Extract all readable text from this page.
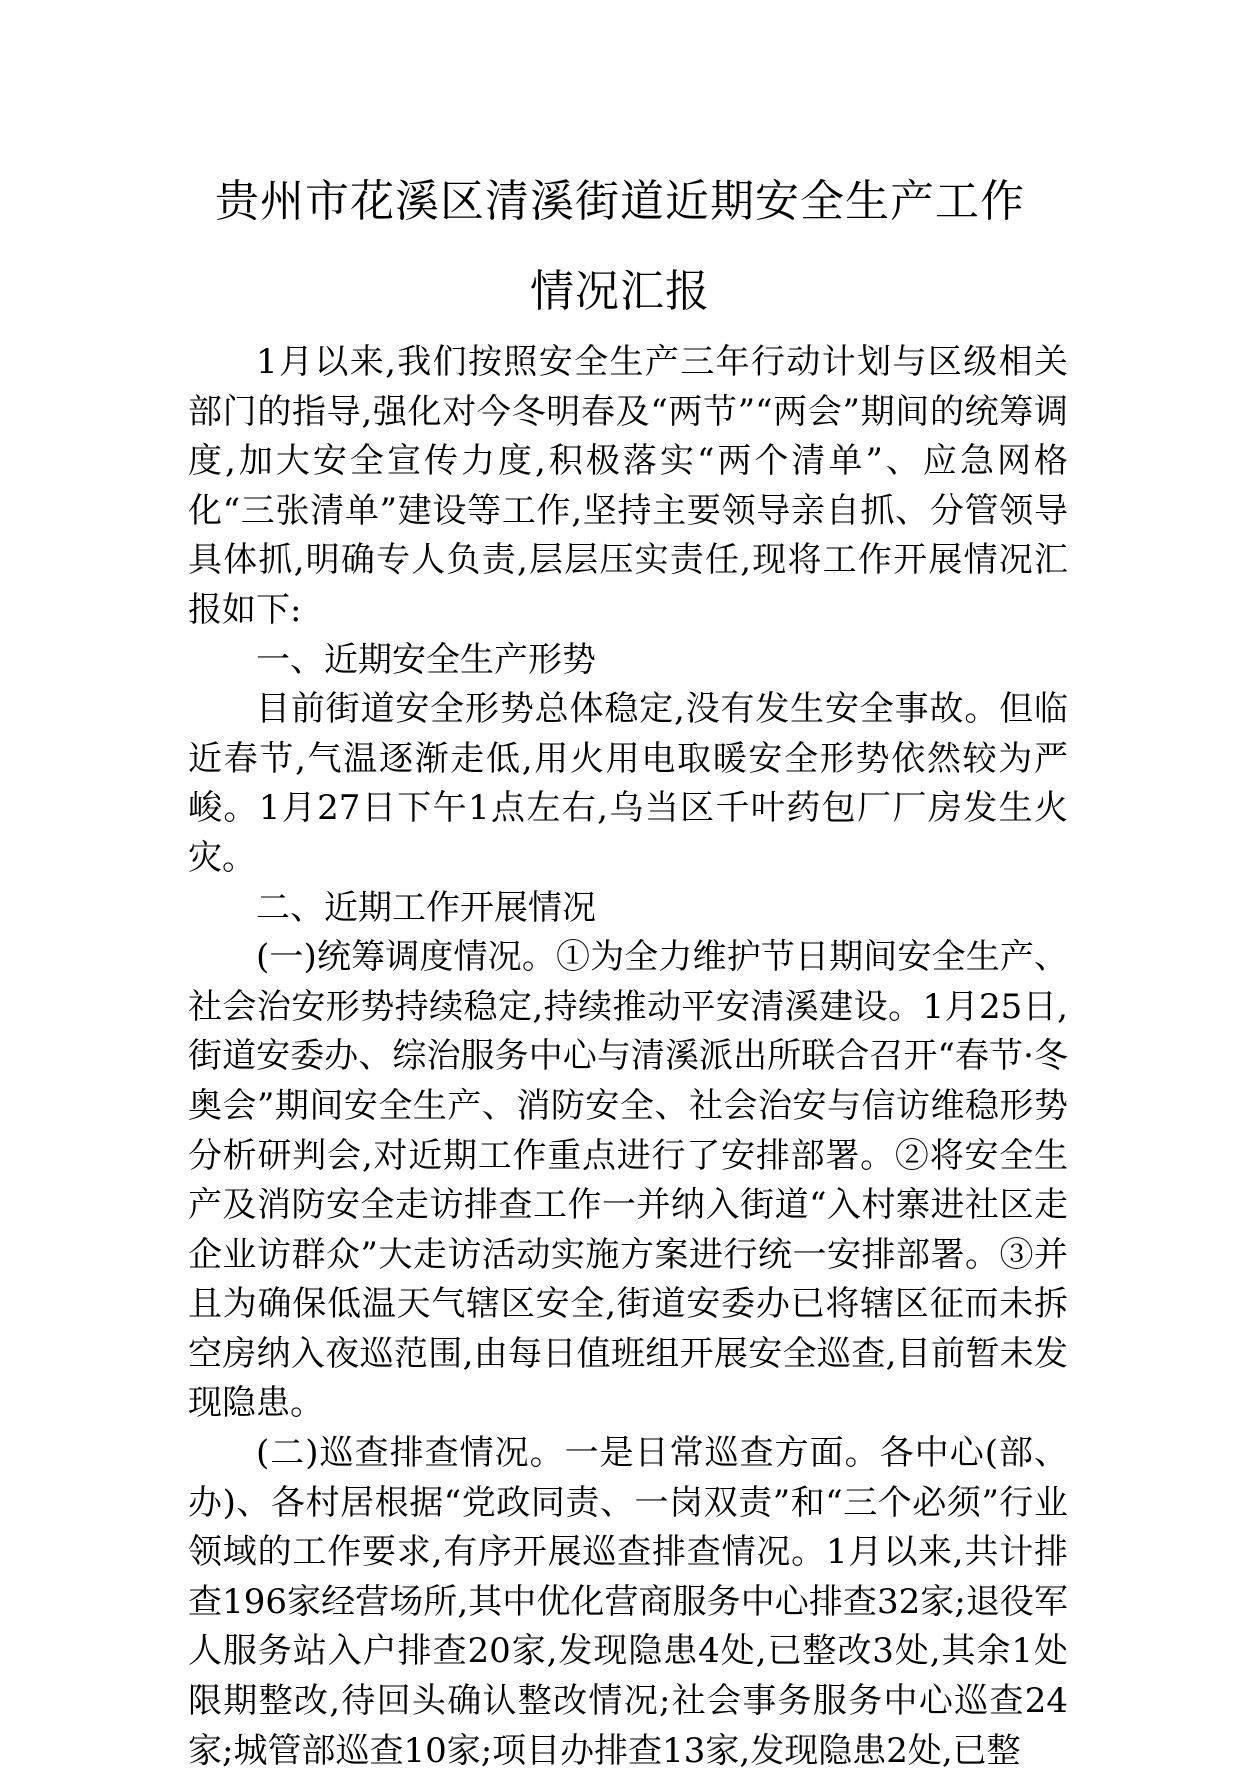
贵州市花溪区清溪街道近期安全生产工作
情况汇报

1月以来,我们按照安全生产三年行动计划与区级相关部门的指导,强化对今冬明春及“两节”“两会”期间的统筹调度,加大安全宣传力度,积极落实“两个清单”、应急网格化“三张清单”建设等工作,坚持主要领导亲自抓、分管领导具体抓,明确专人负责,层层压实责任,现将工作开展情况汇报如下:

一、近期安全生产形势

目前街道安全形势总体稳定,没有发生安全事故。但临近春节,气温逐渐走低,用火用电取暖安全形势依然较为严峻。1月27日下午1点左右,乌当区千叶药包厂厂房发生火灾。

二、近期工作开展情况

(一)统筹调度情况。①为全力维护节日期间安全生产、社会治安形势持续稳定,持续推动平安清溪建设。1月25日,街道安委办、综治服务中心与清溪派出所联合召开“春节·冬奥会”期间安全生产、消防安全、社会治安与信访维稳形势分析研判会,对近期工作重点进行了安排部署。②将安全生产及消防安全走访排查工作一并纳入街道“入村寨进社区走企业访群众”大走访活动实施方案进行统一安排部署。③并且为确保低温天气辖区安全,街道安委办已将辖区征而未拆空房纳入夜巡范围,由每日值班组开展安全巡查,目前暂未发现隐患。

(二)巡查排查情况。一是日常巡查方面。各中心(部、办)、各村居根据“党政同责、一岗双责”和“三个必须”行业领域的工作要求,有序开展巡查排查情况。1月以来,共计排查196家经营场所,其中优化营商服务中心排查32家;退役军人服务站入户排查20家,发现隐患4处,已整改3处,其余1处限期整改,待回头确认整改情况;社会事务服务中心巡查24家;城管部巡查10家;项目办排查13家,发现隐患2处,已整
